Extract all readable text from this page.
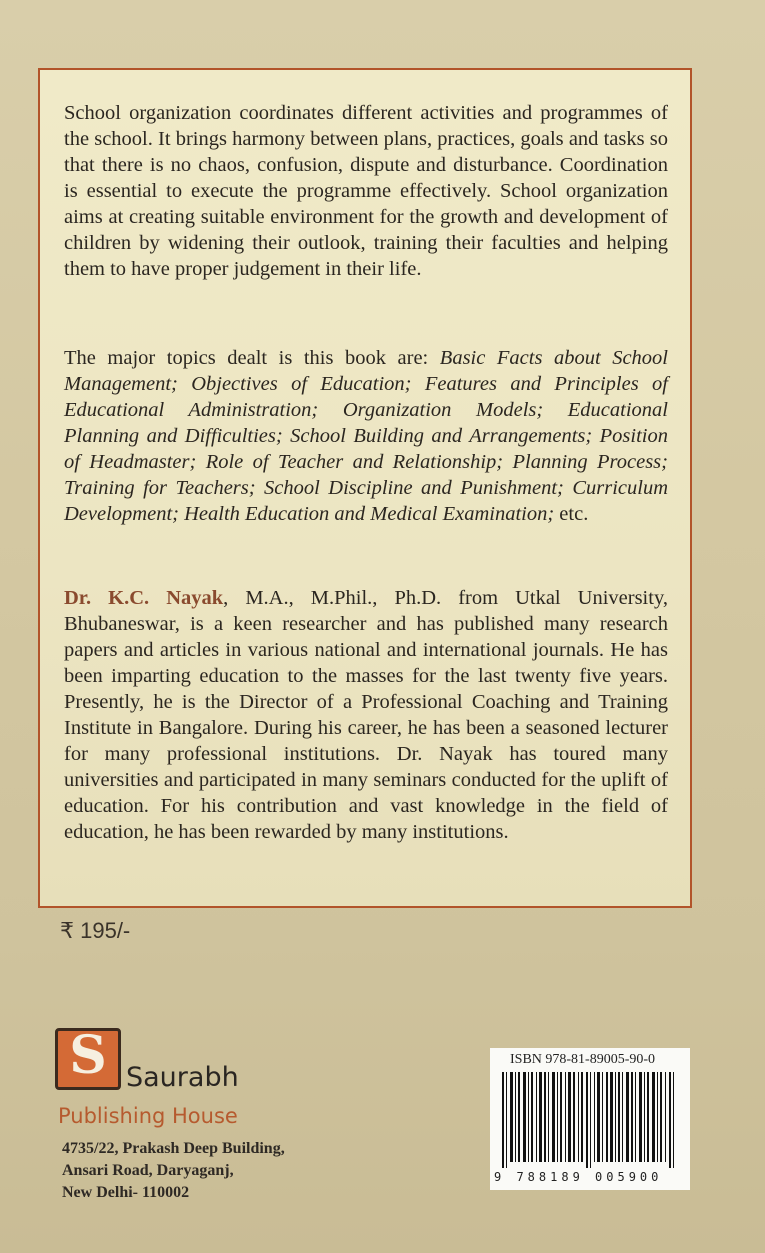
School organization coordinates different activities and programmes of the school. It brings harmony between plans, practices, goals and tasks so that there is no chaos, confusion, dispute and disturbance. Coordination is essential to execute the programme effectively. School organization aims at creating suitable environment for the growth and development of children by widening their outlook, training their faculties and helping them to have proper judgement in their life.

The major topics dealt is this book are: Basic Facts about School Management; Objectives of Education; Features and Principles of Educational Administration; Organization Models; Educational Planning and Difficulties; School Building and Arrangements; Position of Headmaster; Role of Teacher and Relationship; Planning Process; Training for Teachers; School Discipline and Punishment; Curriculum Development; Health Education and Medical Examination; etc.

Dr. K.C. Nayak, M.A., M.Phil., Ph.D. from Utkal University, Bhubaneswar, is a keen researcher and has published many research papers and articles in various national and international journals. He has been imparting education to the masses for the last twenty five years. Presently, he is the Director of a Professional Coaching and Training Institute in Bangalore. During his career, he has been a seasoned lecturer for many professional institutions. Dr. Nayak has toured many universities and participated in many seminars conducted for the uplift of education. For his contribution and vast knowledge in the field of education, he has been rewarded by many institutions.

₹ 195/-
S Saurabh
Publishing House
4735/22, Prakash Deep Building,
Ansari Road, Daryaganj,
New Delhi- 110002
ISBN 978-81-89005-90-0
9 788189 005900
